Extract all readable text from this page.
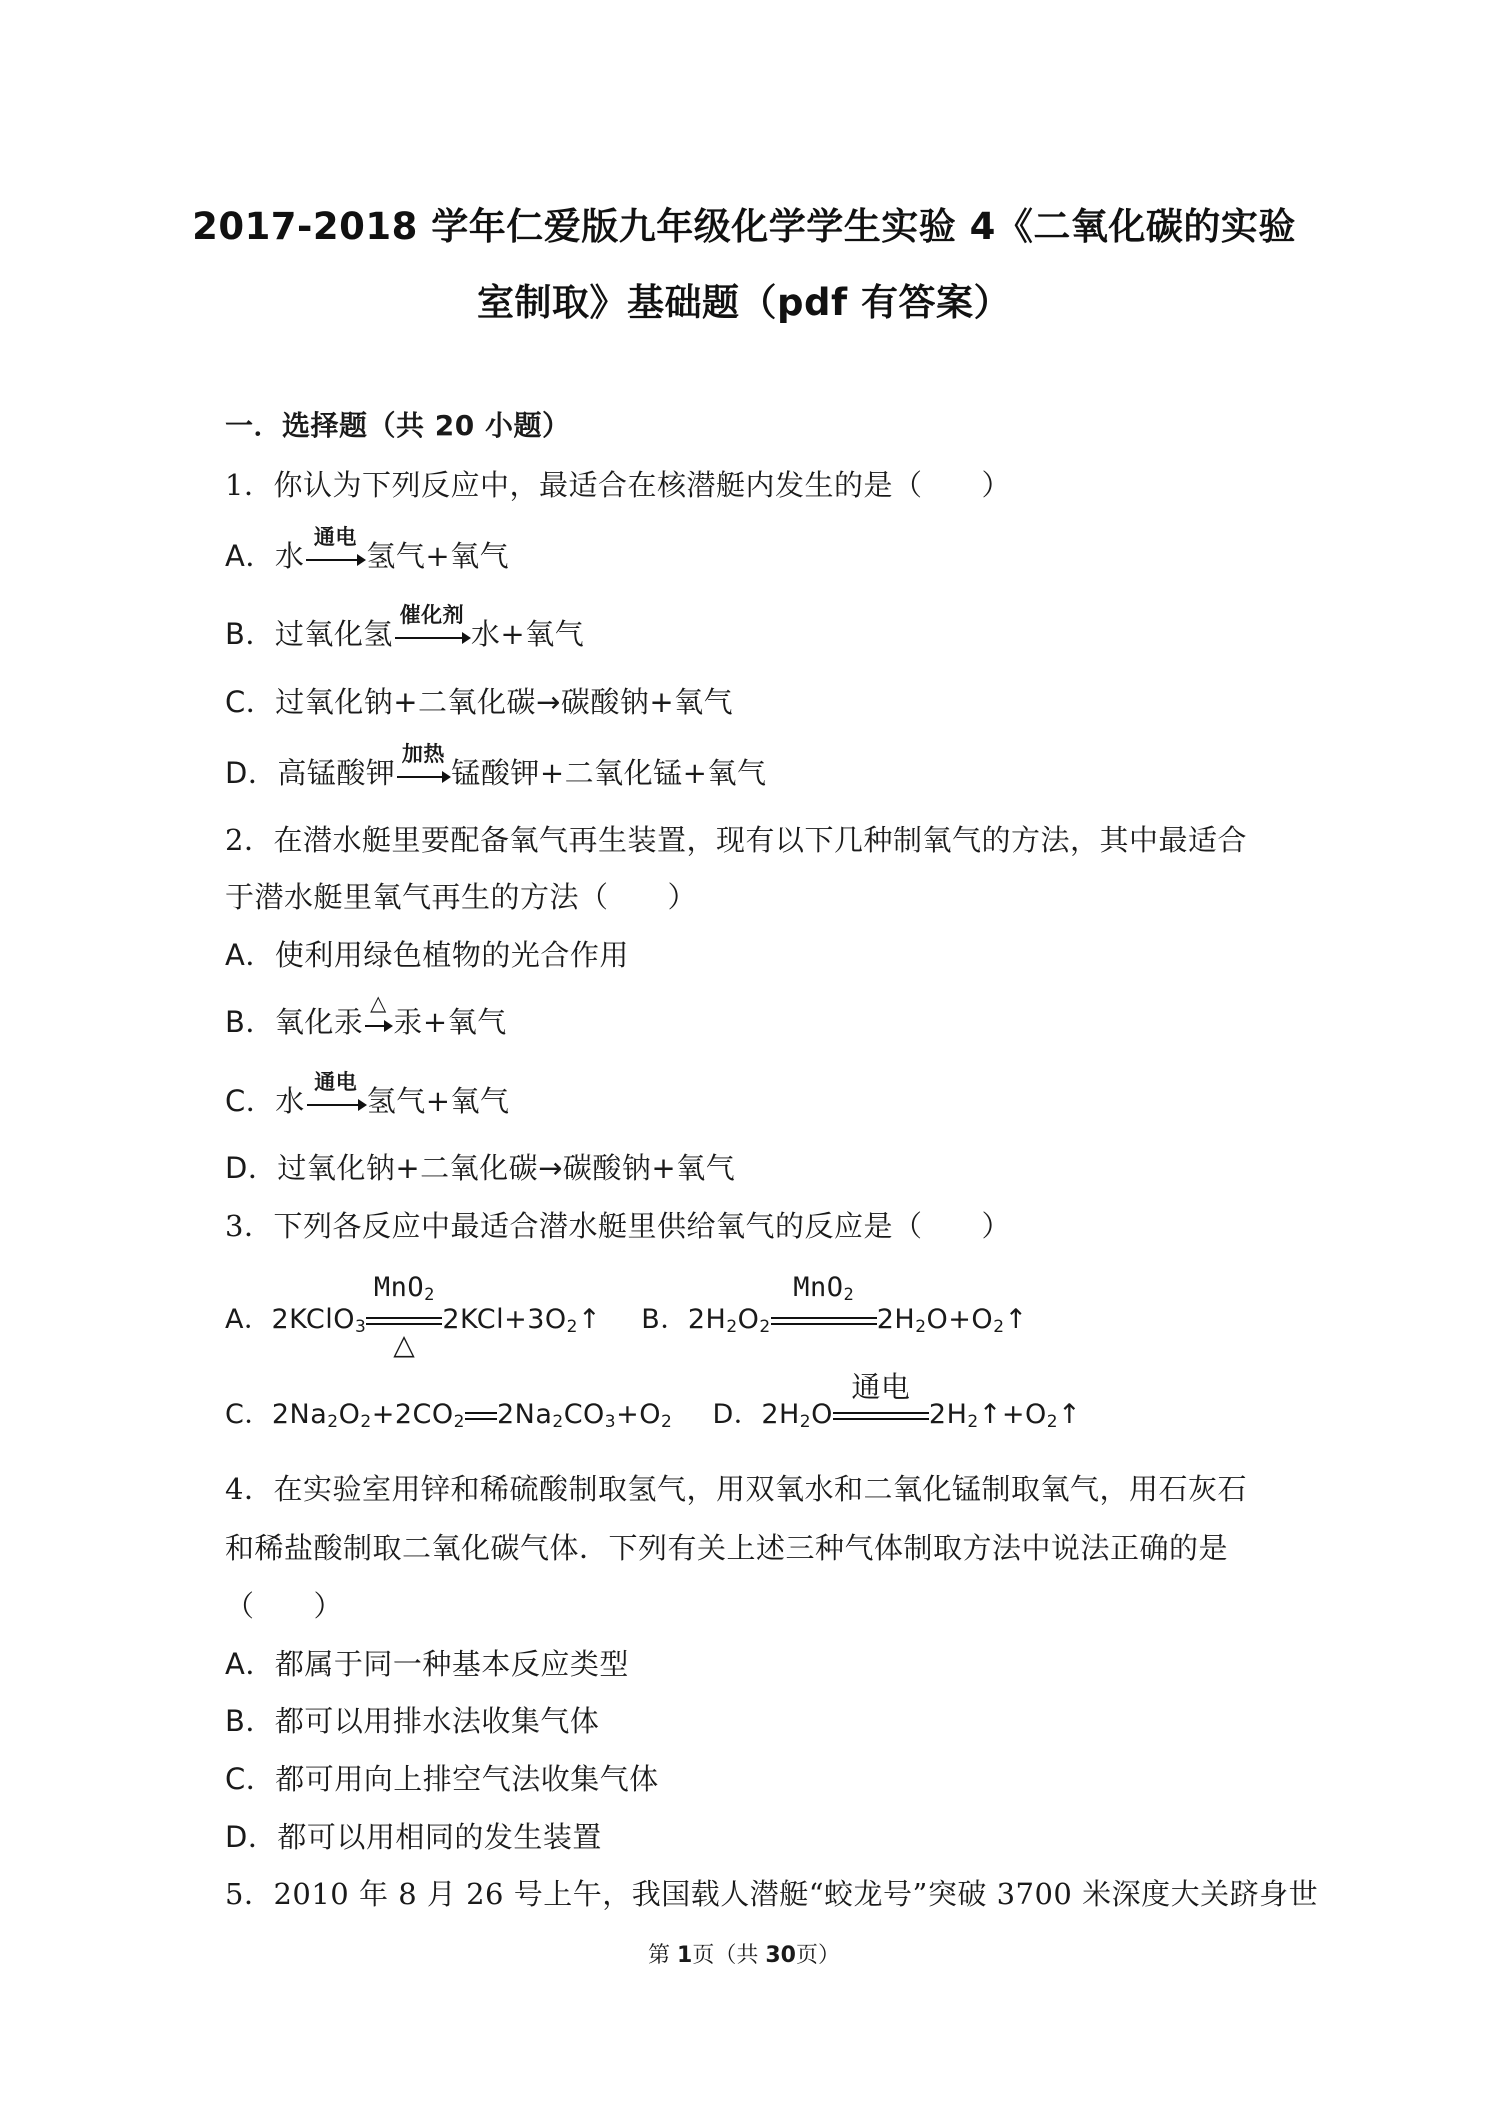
2017-2018 学年仁爱版九年级化学学生实验 4《二氧化碳的实验
室制取》基础题（pdf 有答案）
一．选择题（共 20 小题）
1．你认为下列反应中，最适合在核潜艇内发生的是（　　）
A．水
通电
氢气+氧气
B．过氧化氢
催化剂
水+氧气
C．过氧化钠+二氧化碳→碳酸钠+氧气
D．高锰酸钾
加热
锰酸钾+二氧化锰+氧气
2．在潜水艇里要配备氧气再生装置，现有以下几种制氧气的方法，其中最适合
于潜水艇里氧气再生的方法（　　）
A．使利用绿色植物的光合作用
B．氧化汞
△
汞+氧气
C．水
通电
氢气+氧气
D．过氧化钠+二氧化碳→碳酸钠+氧气
3．下列各反应中最适合潜水艇里供给氧气的反应是（　　）
A．2KClO$_3$
MnO$_2$
△
$2KCl+3O_2↑$ B．$2H_2O_2$
MnO$_2$
$2H_2O+O_2↑$
C．$2Na_2O_2+2CO_2$ $2Na_2CO_3+O_2$ D．$2H_2O$
通电
$2H_2↑+O_2↑$
4．在实验室用锌和稀硫酸制取氢气，用双氧水和二氧化锰制取氧气，用石灰石
和稀盐酸制取二氧化碳气体．下列有关上述三种气体制取方法中说法正确的是
（　　）
A．都属于同一种基本反应类型
B．都可以用排水法收集气体
C．都可用向上排空气法收集气体
D．都可以用相同的发生装置
5．2010 年 8 月 26 号上午，我国载人潜艇“蛟龙号”突破 3700 米深度大关跻身世
第 1页（共 30页）
